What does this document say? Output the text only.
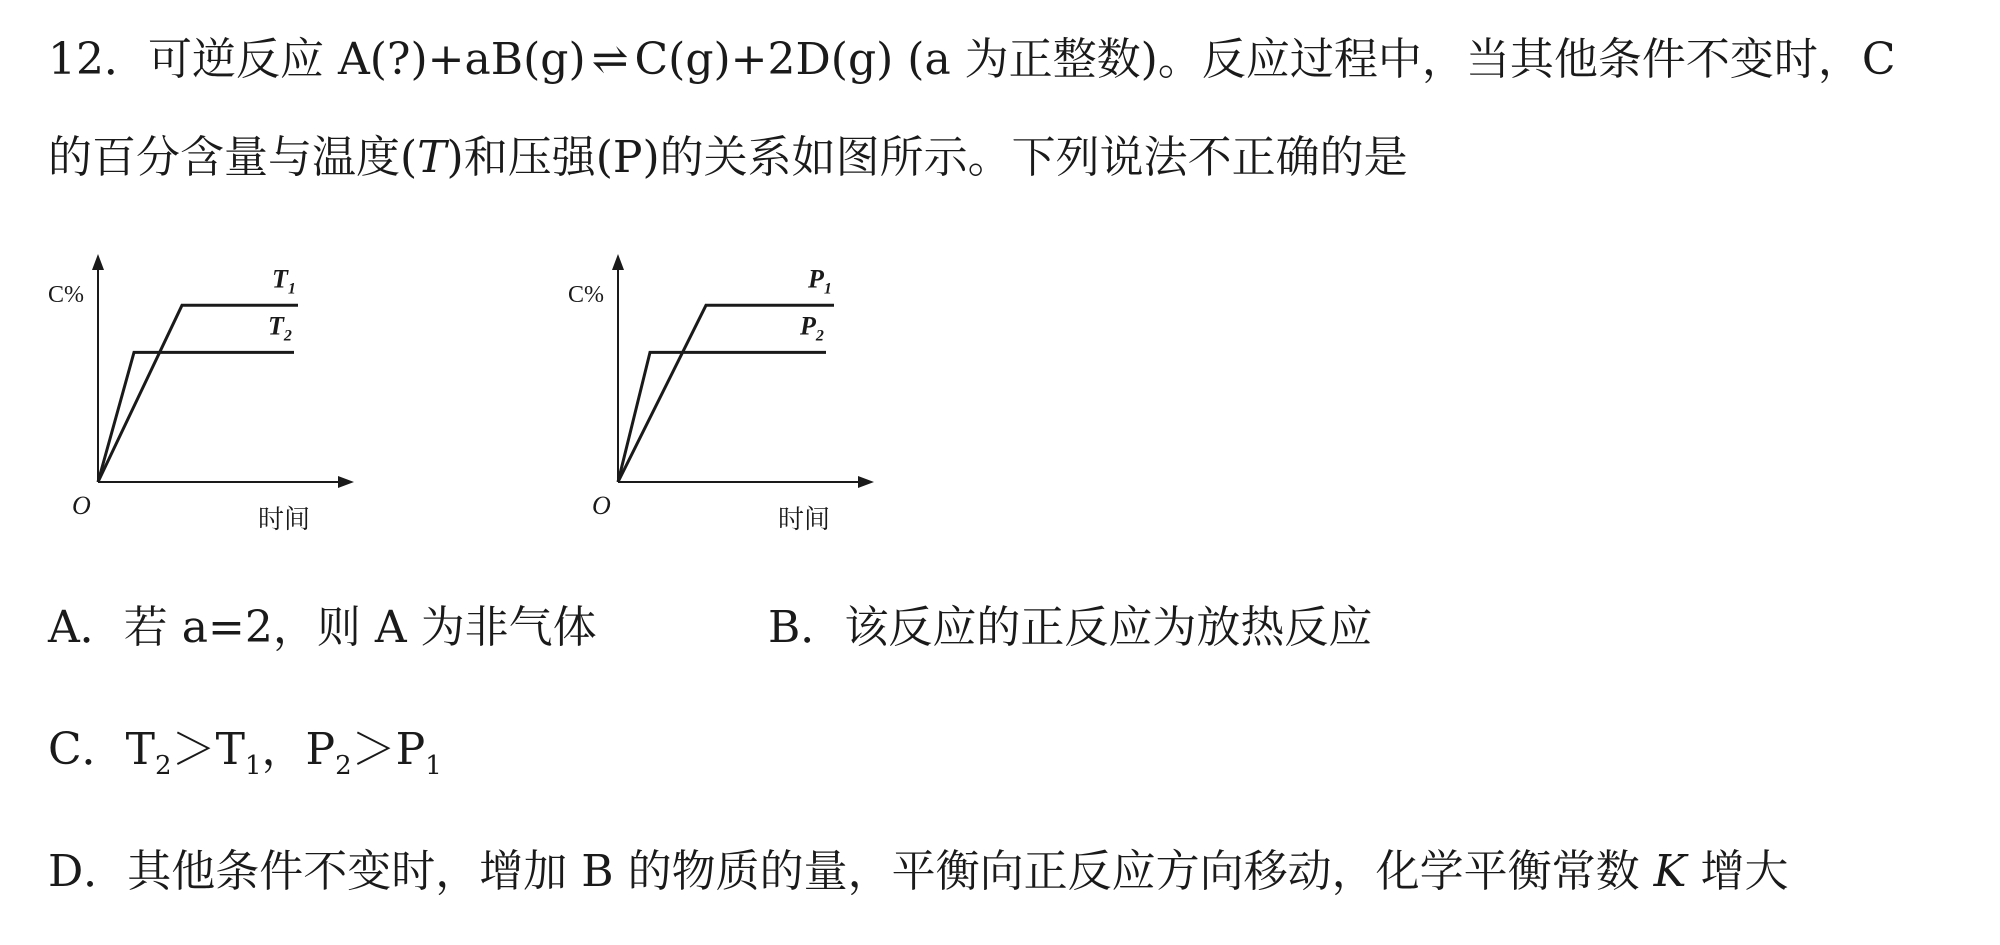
12．可逆反应 A(?)+aB(g) ⇌ C(g)+2D(g) (a 为正整数)。反应过程中，当其他条件不变时，C
的百分含量与温度(T)和压强(P)的关系如图所示。下列说法不正确的是
C%
时间
O
$T_1$
$T_2$
C%
时间
O
$P_1$
$P_2$
A．若 a=2，则 A 为非气体	B．该反应的正反应为放热反应
C．$T_2>T_1$，$P_2>P_1$
D．其他条件不变时，增加 B 的物质的量，平衡向正反应方向移动，化学平衡常数 K 增大
